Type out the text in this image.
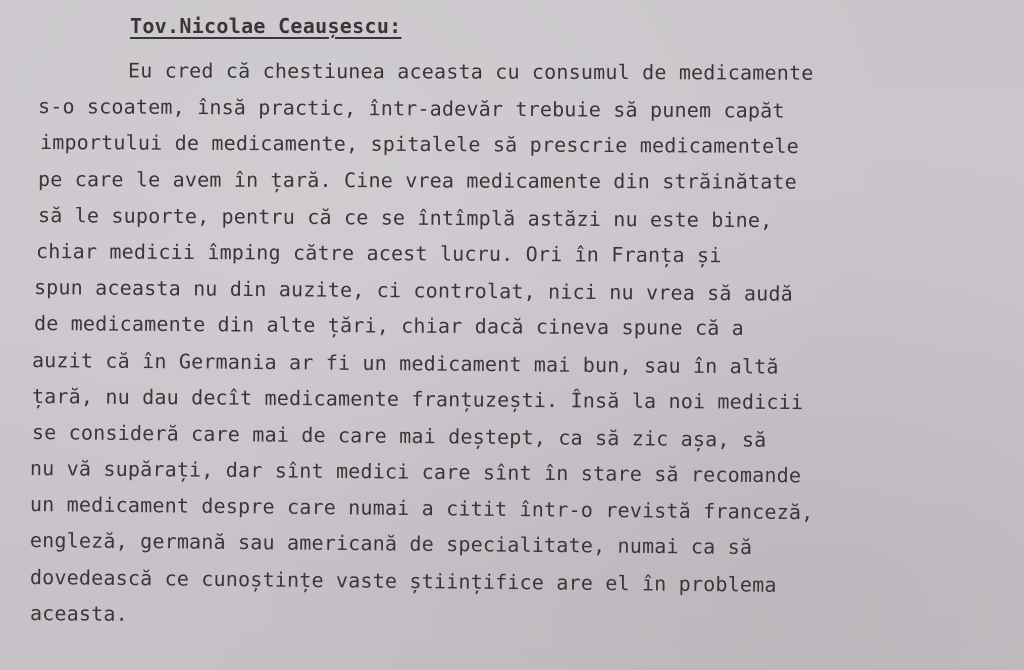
Tov.Nicolae Ceaușescu:
Eu cred că chestiunea aceasta cu consumul de medicamente
s-o scoatem, însă practic, într-adevăr trebuie să punem capăt
importului de medicamente, spitalele să prescrie medicamentele
pe care le avem în țară. Cine vrea medicamente din străinătate
să le suporte, pentru că ce se întîmplă astăzi nu este bine,
chiar medicii împing către acest lucru. Ori în Franța și
spun aceasta nu din auzite, ci controlat, nici nu vrea să audă
de medicamente din alte țări, chiar dacă cineva spune că a
auzit că în Germania ar fi un medicament mai bun, sau în altă
țară, nu dau decît medicamente franțuzești. Însă la noi medicii
se consideră care mai de care mai deștept, ca să zic așa, să
nu vă supărați, dar sînt medici care sînt în stare să recomande
un medicament despre care numai a citit într-o revistă franceză,
engleză, germană sau americană de specialitate, numai ca să
dovedească ce cunoștințe vaste științifice are el în problema
aceasta.
